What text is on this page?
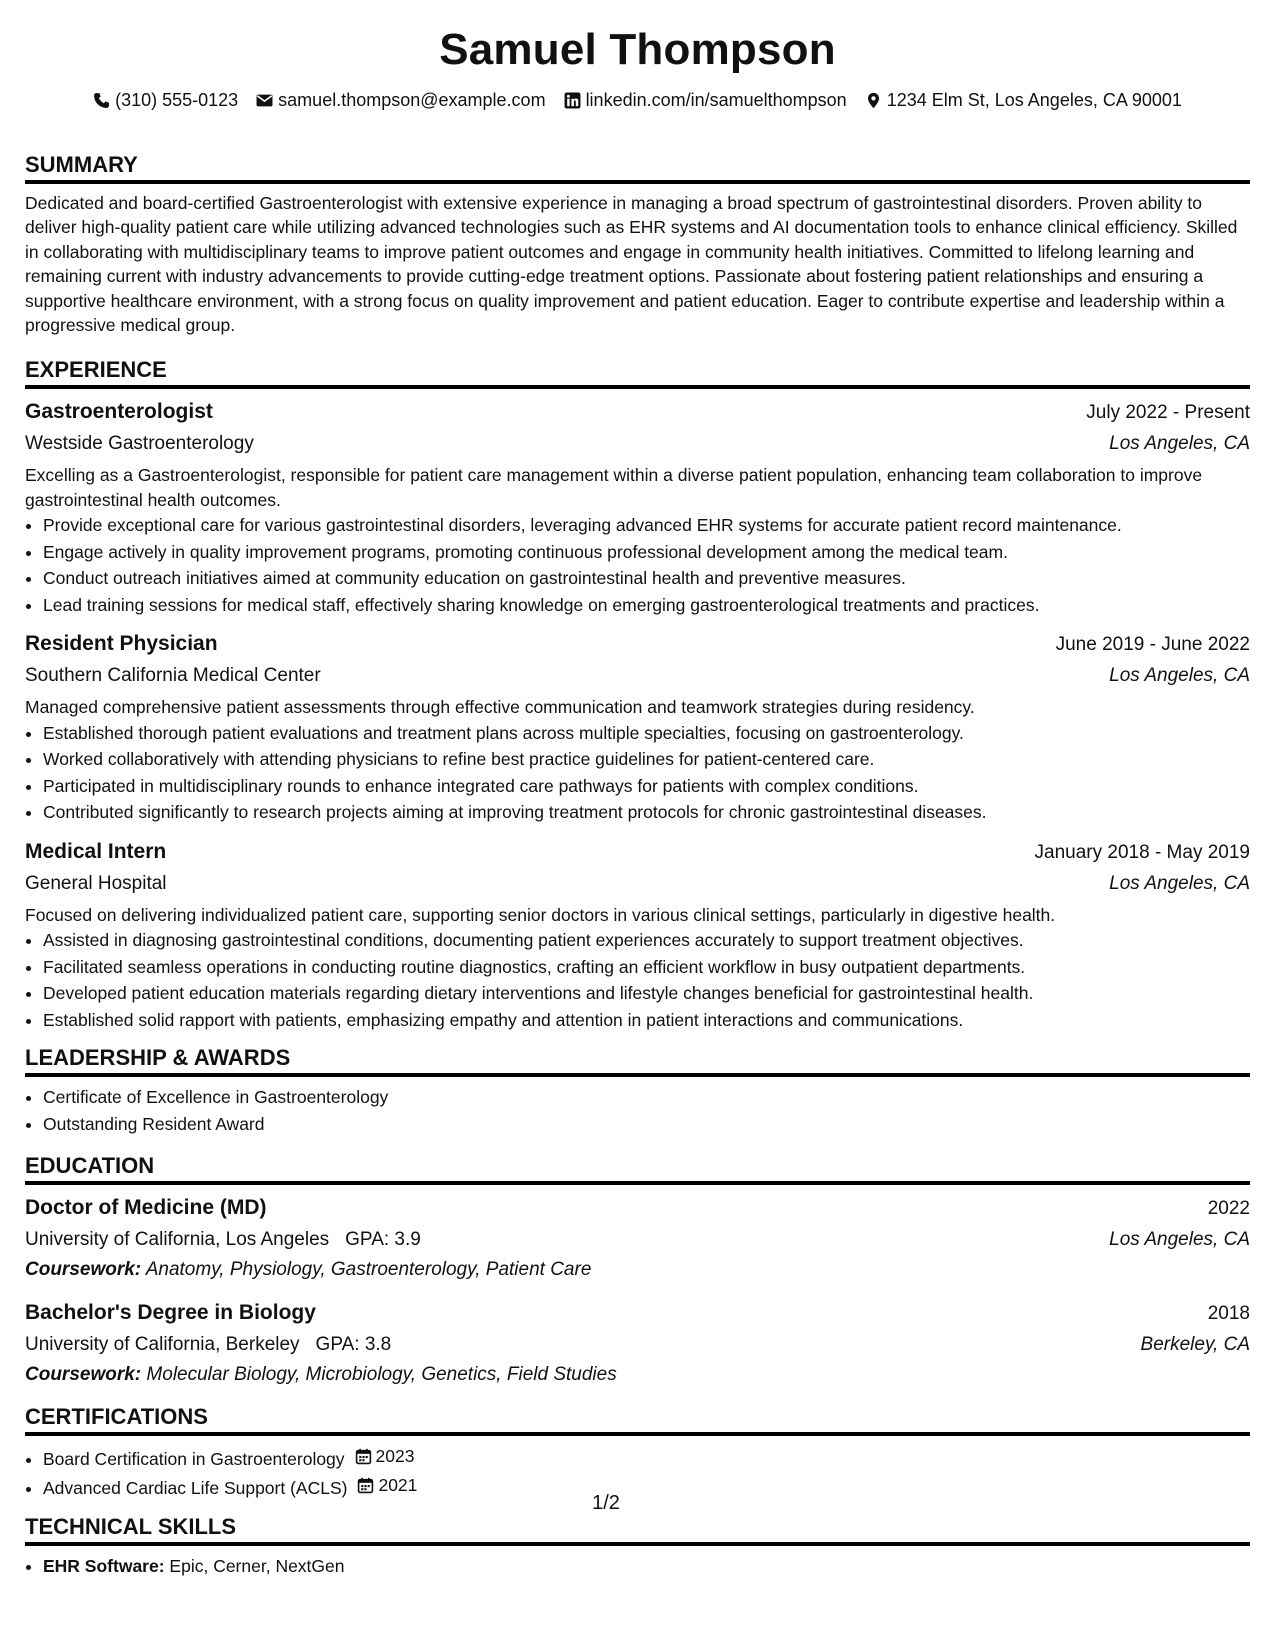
Samuel Thompson
(310) 555-0123 samuel.thompson@example.com linkedin.com/in/samuelthompson 1234 Elm St, Los Angeles, CA 90001
SUMMARY
Dedicated and board-certified Gastroenterologist with extensive experience in managing a broad spectrum of gastrointestinal disorders. Proven ability to deliver high-quality patient care while utilizing advanced technologies such as EHR systems and AI documentation tools to enhance clinical efficiency. Skilled in collaborating with multidisciplinary teams to improve patient outcomes and engage in community health initiatives. Committed to lifelong learning and remaining current with industry advancements to provide cutting-edge treatment options. Passionate about fostering patient relationships and ensuring a supportive healthcare environment, with a strong focus on quality improvement and patient education. Eager to contribute expertise and leadership within a progressive medical group.
EXPERIENCE
Gastroenterologist	July 2022 - Present
Westside Gastroenterology	Los Angeles, CA
Excelling as a Gastroenterologist, responsible for patient care management within a diverse patient population, enhancing team collaboration to improve gastrointestinal health outcomes.
• Provide exceptional care for various gastrointestinal disorders, leveraging advanced EHR systems for accurate patient record maintenance.
• Engage actively in quality improvement programs, promoting continuous professional development among the medical team.
• Conduct outreach initiatives aimed at community education on gastrointestinal health and preventive measures.
• Lead training sessions for medical staff, effectively sharing knowledge on emerging gastroenterological treatments and practices.
Resident Physician	June 2019 - June 2022
Southern California Medical Center	Los Angeles, CA
Managed comprehensive patient assessments through effective communication and teamwork strategies during residency.
• Established thorough patient evaluations and treatment plans across multiple specialties, focusing on gastroenterology.
• Worked collaboratively with attending physicians to refine best practice guidelines for patient-centered care.
• Participated in multidisciplinary rounds to enhance integrated care pathways for patients with complex conditions.
• Contributed significantly to research projects aiming at improving treatment protocols for chronic gastrointestinal diseases.
Medical Intern	January 2018 - May 2019
General Hospital	Los Angeles, CA
Focused on delivering individualized patient care, supporting senior doctors in various clinical settings, particularly in digestive health.
• Assisted in diagnosing gastrointestinal conditions, documenting patient experiences accurately to support treatment objectives.
• Facilitated seamless operations in conducting routine diagnostics, crafting an efficient workflow in busy outpatient departments.
• Developed patient education materials regarding dietary interventions and lifestyle changes beneficial for gastrointestinal health.
• Established solid rapport with patients, emphasizing empathy and attention in patient interactions and communications.
LEADERSHIP & AWARDS
• Certificate of Excellence in Gastroenterology
• Outstanding Resident Award
EDUCATION
Doctor of Medicine (MD)	2022
University of California, Los Angeles GPA: 3.9	Los Angeles, CA
Coursework: Anatomy, Physiology, Gastroenterology, Patient Care
Bachelor's Degree in Biology	2018
University of California, Berkeley GPA: 3.8	Berkeley, CA
Coursework: Molecular Biology, Microbiology, Genetics, Field Studies
CERTIFICATIONS
• Board Certification in Gastroenterology 2023
• Advanced Cardiac Life Support (ACLS) 2021
TECHNICAL SKILLS
• EHR Software: Epic, Cerner, NextGen
1/2
